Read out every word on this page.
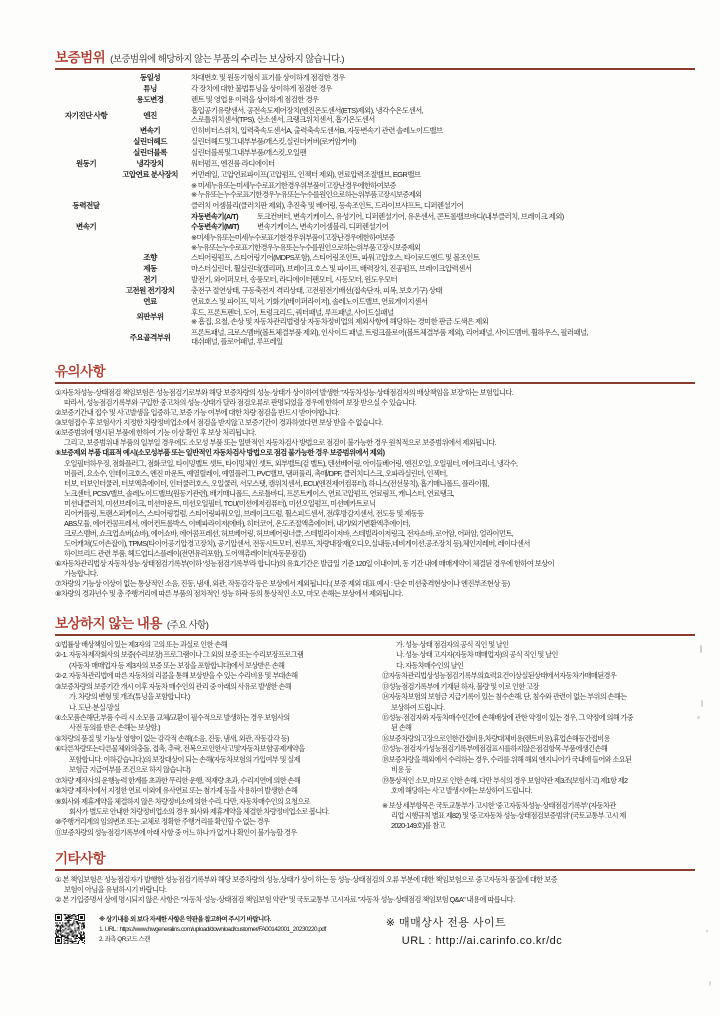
보증범위 (보증범위에 해당하지 않는 부품의 수리는 보상하지 않습니다.)
	동일성	차대번호 및 원동기형식 표기를 상이하게 점검한 경우

	튜닝	각 장치에 대한 불법튜닝을 상이하게 점검한 경우

	용도변경	렌트 및 영업용 이력을 상이하게 점검한 경우

자기진단 사항	엔진	흡입공기유량센서, 공전속도제어장치(엔진온도센서(ETS)제외), 냉각수온도센서,
스로틀위치센서(TPS), 산소센서, 크랭크위치센서, 흡기온도센서

	변속기	인히비터스위치, 입력축속도센서A, 출력축속도센서B, 자동변속기 관련 솔레노이드밸브

	실린더헤드	실린더헤드및그내부부품/개스킷,실린더커버(로커암커버)

	실린더블록	실린더블록및그내부부품/개스킷,오일팬

원동기	냉각장치	워터펌프, 엔진룸 라디에이터

	고압연료 분사장치	커먼레일, 고압연료파이프(고압펌프, 인젝터 제외), 연료압력조절밸브, EGR밸브

		※ 미세누유또는미세누수로표기한경우위부품이고장난경우에한하여보증
※ 누유또는누수로표기한경우누유또는누수를원인으로하는위부품고장시보증제외

동력전달		클러치 어셈블리(클러치판 제외), 추진축 및 베어링, 등속조인트, 드라이브샤프트, 디퍼렌셜기어

		자동변속기(A/T) 토크컨버터, 변속기케이스, 유성기어, 디퍼렌셜기어, 유온센서, 콘트롤밸브바디(내부클러치, 브레이크 제외)

변속기		수동변속기(M/T) 변속기케이스, 변속기어셈블리, 디퍼렌셜기어

		※미세누유또는미세누수로표기한경우위부품이고장난경우에한하여보증
※누유또는누수로표기한경우누유또는누수를원인으로하는위부품고장시보증제외

	조향	스티어링펌프, 스티어링기어(MDPS포함), 스티어링조인트, 파워고압호스, 타이로드엔드 및 볼조인트

	제동	마스터실린더, 휠실린더(캘리퍼), 브레이크 호스 및 파이프, 배력장치, 진공펌프, 브레이크압력센서

	전기	발전기, 와이퍼모터, 송풍모터, 라디에이터팬모터, 시동모터, 윈도우모터

	고전원 전기장치	충전구 절연상태, 구동축전지 격리상태, 고전원전기배선(접속단자, 피복, 보호기구) 상태

	연료	연료호스 및 파이프, 믹서, 기화기(베이퍼라이저), 솔레노이드밸브, 연료게이지센서

	외판부위	후드, 프론트펜더, 도어, 트렁크리드, 쿼터패널, 루프패널, 사이드실패널
※ 흠집, 요철, 손상 및 자동차관리법령상 자동차정비업의 제외사항에 해당하는 경미한 판금·도색은 제외

	주요골격부위	프론트패널, 크로스멤버(볼트체결부품 제외), 인사이드 패널, 트렁크플로어(볼트체결부품 제외), 리어패널, 사이드멤버, 휠하우스, 필러패널,
대쉬패널, 플로어패널, 루프레일
유의사항

①자동차성능·상태점검 책임보험은 성능점검기로부와 해당 보증차량의 성능·상태가 상이하여 발생한 "자동차성능·상태점검자의 배상책임을 보장"하는 보험입니다.

따라서, 성능점검기록부와 구입한 중고차의 성능·상태가 달라 점검오류로 판명되었을 경우에 한하여 보장 받으실 수 있습니다.

②보증기간내 접수 및 사고발생을 입증하고, 보증 가능 여부에 대한 차량 점검을 반드시 받아야합니다.

③보험접수 후 보험사가 지정한 차량정비업소에서 점검을 받지않고 보증기간이 경과하였다면 보상 받을 수 없습니다.

④보증범위에 명시된 부품에 한하여 기능 이상 확인 후 보상 처리됩니다.

그리고, 보증범위내 부품의 일부일 경우에도 소모성 부품 또는 일반적인 자동차검사 방법으로 점검이 불가능한 경우 원칙적으로 보증범위에서 제외됩니다.

⑤보증제외 부품 대표적 예시(소모성부품 또는 일반적인 자동차검사 방법으로 점검 불가능한 경우 보증범위에서 제외)

오일필터하우징, 점화플러그, 점화코일, 타이밍벨트 셋트, 타이밍체인 셋트, 외부벨트(겉 벨트), 텐션베어링, 아이들베어링, 엔진오일, 오일필터, 에어크리너, 냉각수,

머플러, 요소수, 인테이크호스, 엔진 마운트, 예열릴레이, 예열플러그, PVC밸브, 댐퍼풀리, 촉매/DPF, 클러치디스크, 오파라실린더, 인젝터,

터보, 터보인터쿨러, 터보엑츄에이터, 인터쿨러호스, 오일쿨러, 서모스탯, 캠위치센서, ECU(엔진제어컴퓨터), 하니스(전선뭉치), 흡기매니폴드, 플라이휠,

노크센터, PCSV밸브, 솔레노이드밸브(원동기관련), 배기매니폴드, 스로틀바디, 프론트케이스, 연료고압펌프, 연료림프, 캐니스터, 연료탱크,

미션내클러치, 미션브레이크, 미션마운트, 미션오일필터, TCU(미션에저컴퓨터), 미션오일펌프, 미션메카트로닉

리어커플링, 트랜스퍼케이스, 스티어링컬럼, 스티어링파워오일, 브레이크드럼, 휠스피드센서, 전/후방감지센서, 전도등 및 제동등

ABS모듈, 에어컨콤프레서, 에어컨트롤박스, 이베파라이저(에바), 히터코어, 온도조절액츄에이터, 내기/외기변환엑추에이터,

크로스멤버, 쇼크업쇼버(쇼바), 에어쇼바, 에어콤프레션, 허브베어링, 허브베어링너클, 스테빌라이저바, 스테빌라이저링크, 전자쇼바, 로어암, 어퍼암, 얼라이먼트,

도어캐쳐(도어손잡이), TPMS(타이어공기압경고장치), 공기압센서, 전동시트모터, 썬루프, 차량내장재(오디오,실내등,네비게이션,공조장치 등),체인지레버, 레이다센서

하이브리드 관련 부품, 헤드업디스플레이(전면유리포함), 도어액츄레이터(자동문잠김)

⑥자동차관리법상 자동차성능·상태점검기록부(이하 '성능점검기록부'라 합니다)의 유효기간은 발급일 기준 120일 이내이며, 동 기간 내에 매매계약이 체결된 경우에 한하여 보상이

가능합니다.

⑦차량의 기능상 이상이 없는 통상적인 소음, 진동, 냄새, 외관, 작동감각 등은 보상에서 제외됩니다.( 보증 제외 대표 예시 : 단순 미션충격현상이나 엔진부조현상 등)

⑧차량의 경과년수 및 총 주행거리에 따른 부품의 점차적인 성능 하락 등의 통상적인 소모, 마모 손해는 보상에서 제외됩니다.

보상하지 않는 내용 (주요 사항)

①법률상 배상책임이 있는 제3자의 고의 또는 과실로 인한 손해

②-1. 자동차제작회사의 보증(수리보장) 프로그램이나 그 외의 보증 또는 수리보장프로그램

(자동차 매매업자 등 제3자의 보증 또는 보장을 포함합니다)에서 보상받은 손해

②-2. 자동차관리법에 따른 자동차의 리콜을 통해 보상받을 수 있는 수리비용 및 부대손해

③보증차량의 보증기간 개시 이후 자동차 매수인의 관리 중 아래의 사유로 발생한 손해

가. 차량의 변형 및 개조(튜닝을 포함합니다.)

나. 도난·분실·망실

④소모품손해단,부품 수리 시 소모품 교체/교환이 필수적으로 발생하는 경우 보험사의

사전 동의를 받은 손해는 보상함.)

⑤차량의 품질 및 기능상 영향이 없는 감각적 손해(소음, 진동, 냄새, 외관, 작동감각 등)

⑥다른차량또는다른물체와의충돌, 접촉, 추락, 전복으로인한사고및'자동차보험'공제계약을

포함합니다. 이하같습니다.)의 보장대상이 되는 손해(자동차보험의 가입여부 및 실제

보험금 지급여부를 조건으로 하지 않습니다)

⑦차량 제작사의 운행능력 한계를 초과한 무리한 운행, 적재량 초과, 수리지연에 의한 손해

⑧차량 제작사에서 지정한 연료 이외에 유사연료 또는 첨가제 등을 사용하여 발생한 손해

⑨회사와 제휴계약을 체결하지 않은 차량정비소에 의한 수리. 다만, 자동차매수인의 요청으로

회사가 별도로 안내한 차량정비업소의 경우 회사와 제휴계약을 체결한 차량정비업소로 봅니다.

⑩주행거리계의 임의변조 또는 교체로 정확한 주행거리를 확인할 수 없는 경우

⑪보증차량의 성능점검기록부에 아래 사항 중 어느 하나가 없거나 확인이 불가능할 경우

가. 성능·상태 점검자의 공식 직인 및 날인

나. 성능·상태 고지자(자동차 매매업자)의 공식 직인 및 날인

다. 자동차매수인의 날인

⑫자동차관리법상성능점검기록부의효력요건이상실된상태에서자동차가매매된경우

⑬성능점검기록부에 기재된 하자, 불량 및 이로 인한 고장

⑭자동차보험의 보험금 지급기록이 있는 침수손해. 단, 침수와 관련이 없는 부위의 손해는

보상하여 드립니다.

⑮성능·점검자와 자동차매수인간에 손해배상에 관한 약정이 있는 경우, 그 약정에 의해 가중

된 손해

⑯보증차량의고장으로인한간접비용,차량대체비용(렌트비용),휴업손해등간접비용

⑰성능·점검자가성능점검기록부에점검표시를하지않은점검항목·부품에생긴손해

⑱보증차량을 해외에서 수리하는 경우, 수리를 위해 해외 엔지니어가 국내에 들어와 소요된

비용 등

⑲통상적인 소모,마모로 인한 손해. 다만 부식의 경우 보험약관 제3조(보험사고) 제1항 제2

호에 해당하는 사고 발생시에는 보상하여 드립니다.

※ 보상 세부항목은 국토교통부가 고시한 '중고자동차성능·상태점검기록부' (자동차관

리업 시행규칙 별표 제82) 및 '중고자동차 성능·상태점검보증범위' (국토교통부 고시 제

2020-149호)를 참고

기타사항

① 본 책임보험은 성능점검자가 발행한 성능점검기록부와 해당 보증차량의 성능,상태가 상이 하는 등 성능·상태점검의 오류 부분에 대한 책임보험으로 중고자동차 품질에 대한 보증

보험이 아님을 유념하시기 바랍니다.

② 본 가입증명서 상에 명시되지 않은 사항은 "자동차 성능·상태점검 책임보험 약관" 및 국토교통부 고시자료 "자동차 성능·상태점검 책임보험 Q&A" 내용에 따릅니다.

※ 상기내용 외 보다 자세한 사항은 약관을 참고하여 주시기 바랍니다.
1. URL : https://www.hwgeneralins.com/upload/download/customer/FA00142001_20230220.pdf
2. 좌측 QR코드 스캔
※ 매매상사 전용 사이트
URL : http://ai.carinfo.co.kr/dc
